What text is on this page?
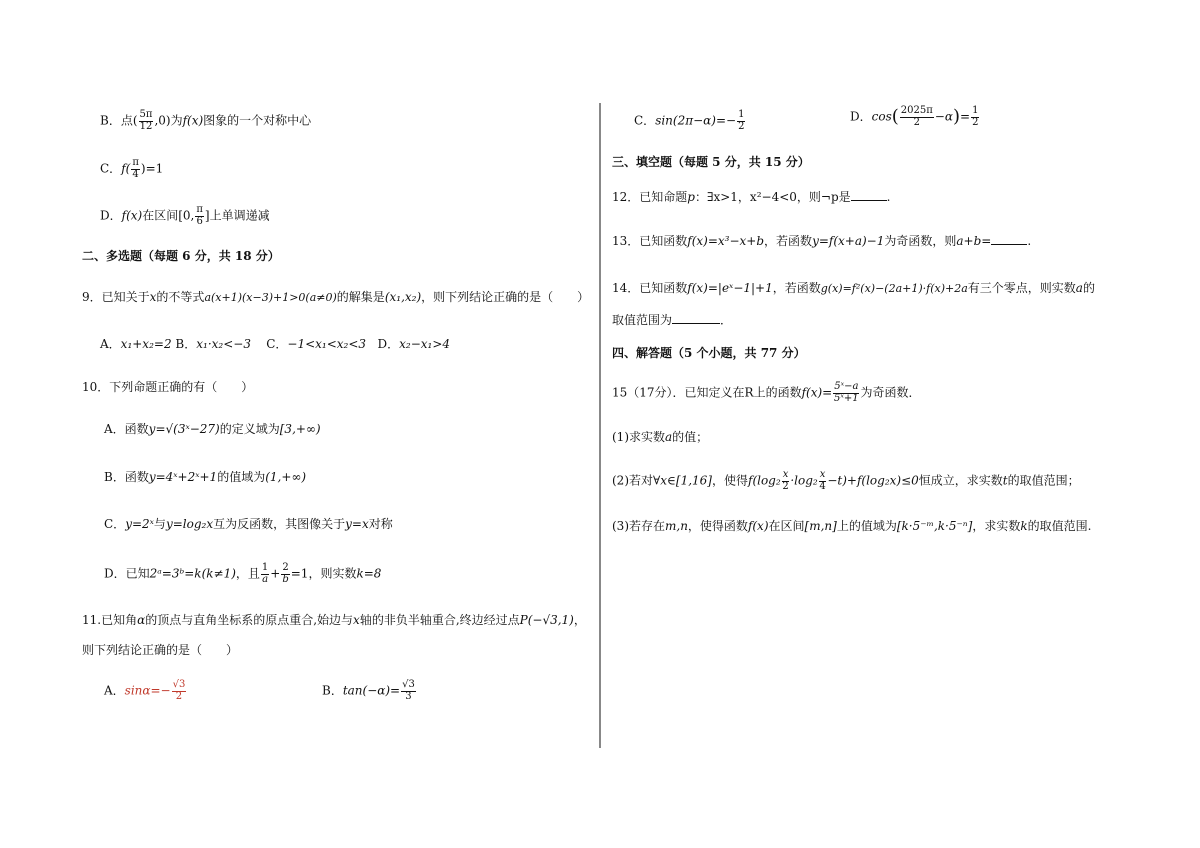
B．点( $\frac{5\pi}{12} ,0$)为f(x)图象的一个对称中心
C．$f( \frac{\pi}{4} )=1$
D．f(x)在区间[0, $\frac{\pi}{6}$ ]上单调递减
二、多选题（每题 6 分，共 18 分）
9．已知关于x的不等式a(x+1)(x−3)+1>0(a≠0)的解集是(x₁,x₂)，则下列结论正确的是（　　）
A．x₁+x₂=2 B．x₁·x₂<−3 C．−1<x₁<x₂<3 D．x₂−x₁>4
10．下列命题正确的有（　　）
A．函数y=√(3ˣ−27)的定义域为[3,+∞)
B．函数y=4ˣ+2ˣ+1的值域为(1,+∞)
C．y=2ˣ与y=log₂x互为反函数，其图像关于y=x对称
D．已知2ᵃ=3ᵇ=k(k≠1)，且 $\frac{1}{a} + \frac{2}{b} =1$，则实数k=8
11.已知角α的顶点与直角坐标系的原点重合,始边与x轴的非负半轴重合,终边经过点P(−√3,1)，
则下列结论正确的是（　　）
A．$\sin\alpha=- \frac{√3}{2}$	B．$\tan(-\alpha)= \frac{√3}{3}$
C．$\sin(2\pi-\alpha)=- \frac{1}{2}$	D．$\cos( \frac{2025\pi}{2} -\alpha)= \frac{1}{2}$
三、填空题（每题 5 分，共 15 分）
12．已知命题p：∃x>1，x²−4<0，则¬p是	.
13．已知函数f(x)=x³−x+b，若函数y=f(x+a)−1为奇函数，则a+b=	.
14．已知函数f(x)=|eˣ−1|+1，若函数g(x)=f²(x)−(2a+1)·f(x)+2a有三个零点，则实数a的
取值范围为	．
四、解答题（5 个小题，共 77 分）
15（17分）．已知定义在R上的函数$f(x)= \frac{\text{5ˣ−a}}{\text{5ˣ+1}}$ 为奇函数．
(1)求实数a的值；
(2)若对∀x∈[1,16]，使得$f(\log_2 \frac{x}{2} \cdot\log_2 \frac{x}{4} -t)+f(\log_2x)\le 0$恒成立，求实数t的取值范围；
(3)若存在m,n，使得函数f(x)在区间[m,n]上的值域为[k·5⁻ᵐ,k·5⁻ⁿ]，求实数k的取值范围.
